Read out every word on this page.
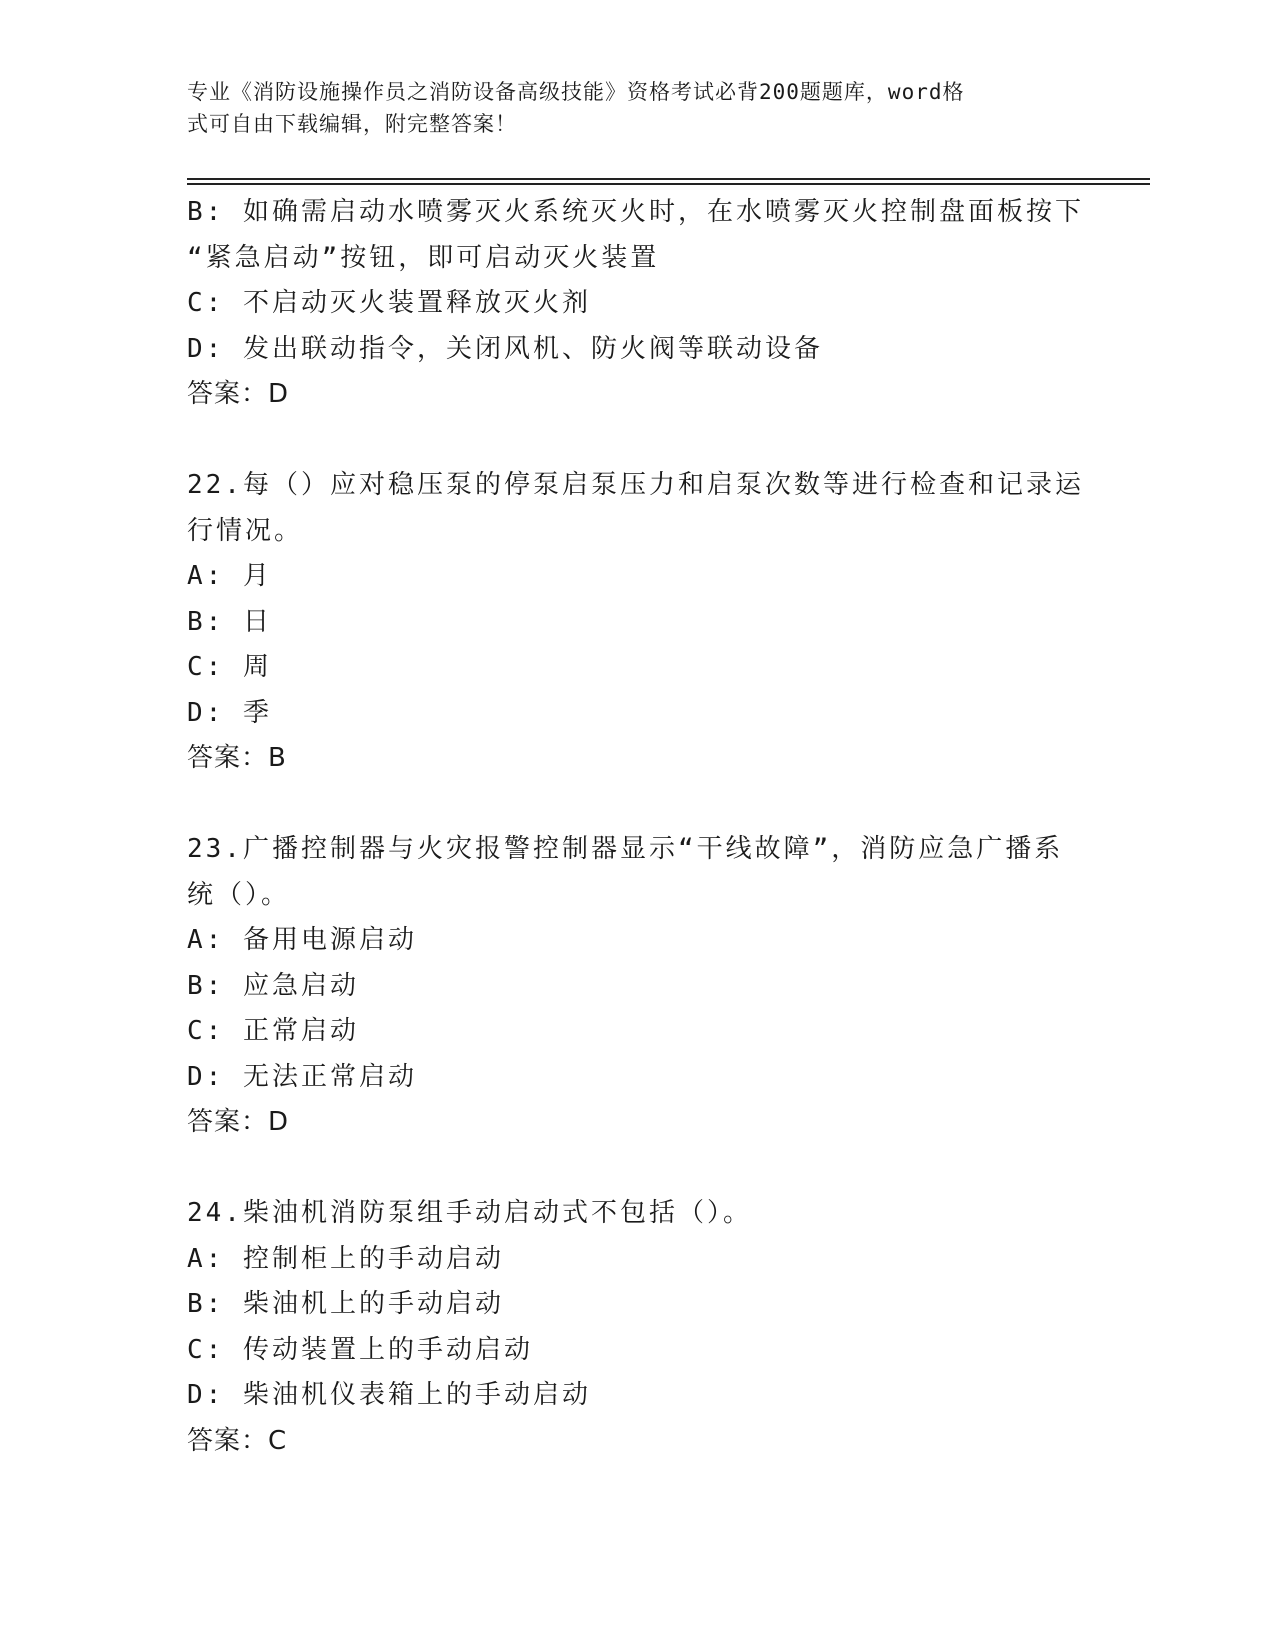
专业《消防设施操作员之消防设备高级技能》资格考试必背200题题库，word格
式可自由下载编辑，附完整答案！
B: 如确需启动水喷雾灭火系统灭火时，在水喷雾灭火控制盘面板按下
“紧急启动”按钮，即可启动灭火装置
C: 不启动灭火装置释放灭火剂
D: 发出联动指令，关闭风机、防火阀等联动设备
答案：D
22.每（）应对稳压泵的停泵启泵压力和启泵次数等进行检查和记录运
行情况。
A: 月
B: 日
C: 周
D: 季
答案：B
23.广播控制器与火灾报警控制器显示“干线故障”，消防应急广播系
统（）。
A: 备用电源启动
B: 应急启动
C: 正常启动
D: 无法正常启动
答案：D
24.柴油机消防泵组手动启动式不包括（）。
A: 控制柜上的手动启动
B: 柴油机上的手动启动
C: 传动装置上的手动启动
D: 柴油机仪表箱上的手动启动
答案：C
